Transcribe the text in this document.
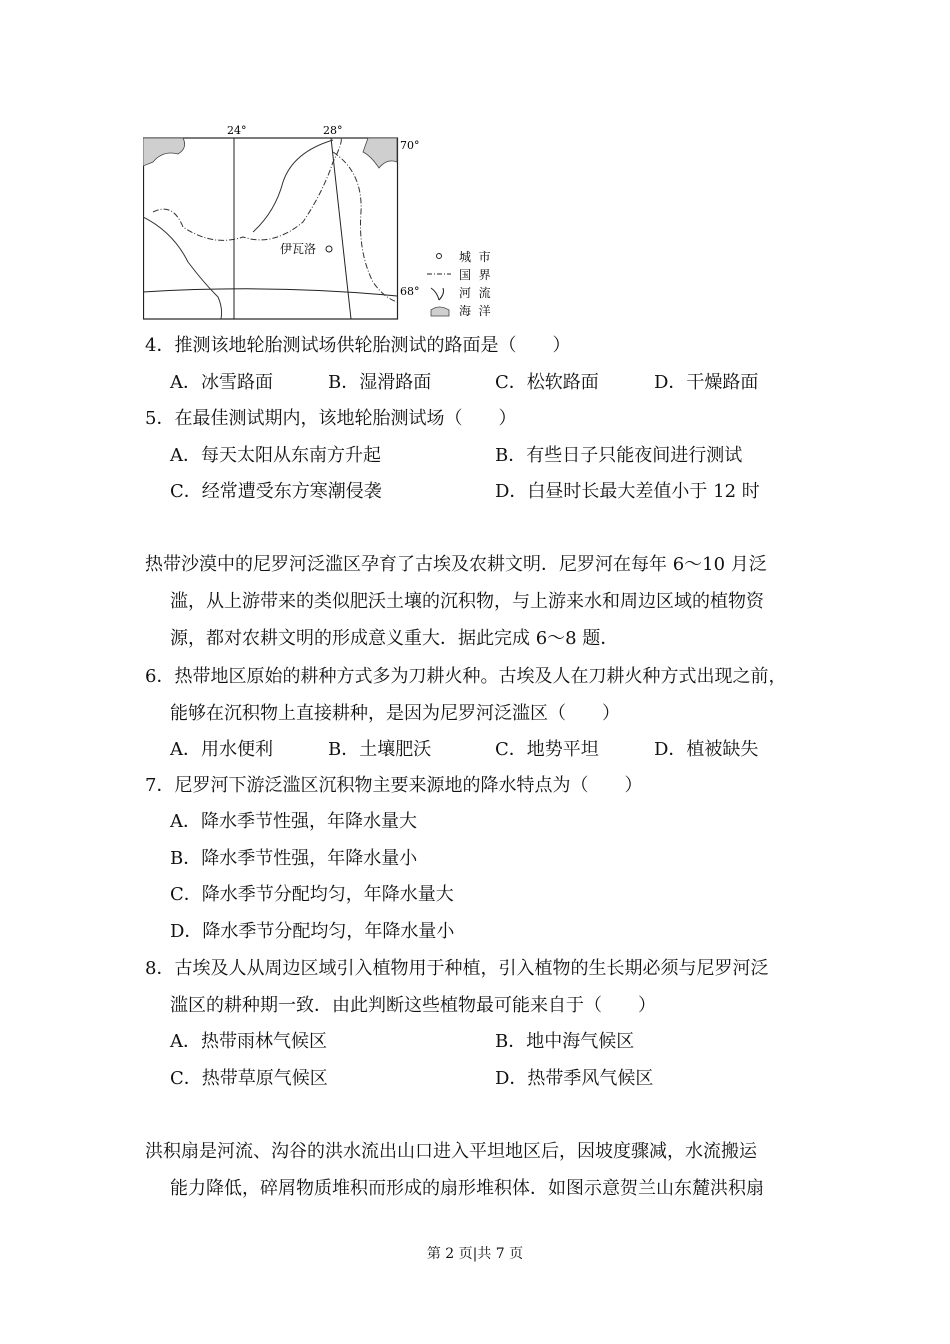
伊瓦洛
24°	28°
70°
68°
城  市
国  界
河  流
海  洋
4．推测该地轮胎测试场供轮胎测试的路面是（　　）
A．冰雪路面	B．湿滑路面	C．松软路面	D．干燥路面
5．在最佳测试期内，该地轮胎测试场（　　）
A．每天太阳从东南方升起	B．有些日子只能夜间进行测试
C．经常遭受东方寒潮侵袭	D．白昼时长最大差值小于 12 时
热带沙漠中的尼罗河泛滥区孕育了古埃及农耕文明．尼罗河在每年 6～10 月泛
滥，从上游带来的类似肥沃土壤的沉积物，与上游来水和周边区域的植物资
源，都对农耕文明的形成意义重大．据此完成 6～8 题．
6．热带地区原始的耕种方式多为刀耕火种。古埃及人在刀耕火种方式出现之前，
能够在沉积物上直接耕种，是因为尼罗河泛滥区（　　）
A．用水便利	B．土壤肥沃	C．地势平坦	D．植被缺失
7．尼罗河下游泛滥区沉积物主要来源地的降水特点为（　　）
A．降水季节性强，年降水量大
B．降水季节性强，年降水量小
C．降水季节分配均匀，年降水量大
D．降水季节分配均匀，年降水量小
8．古埃及人从周边区域引入植物用于种植，引入植物的生长期必须与尼罗河泛
滥区的耕种期一致．由此判断这些植物最可能来自于（　　）
A．热带雨林气候区	B．地中海气候区
C．热带草原气候区	D．热带季风气候区
洪积扇是河流、沟谷的洪水流出山口进入平坦地区后，因坡度骤减，水流搬运
能力降低，碎屑物质堆积而形成的扇形堆积体．如图示意贺兰山东麓洪积扇
第 2 页|共 7 页
